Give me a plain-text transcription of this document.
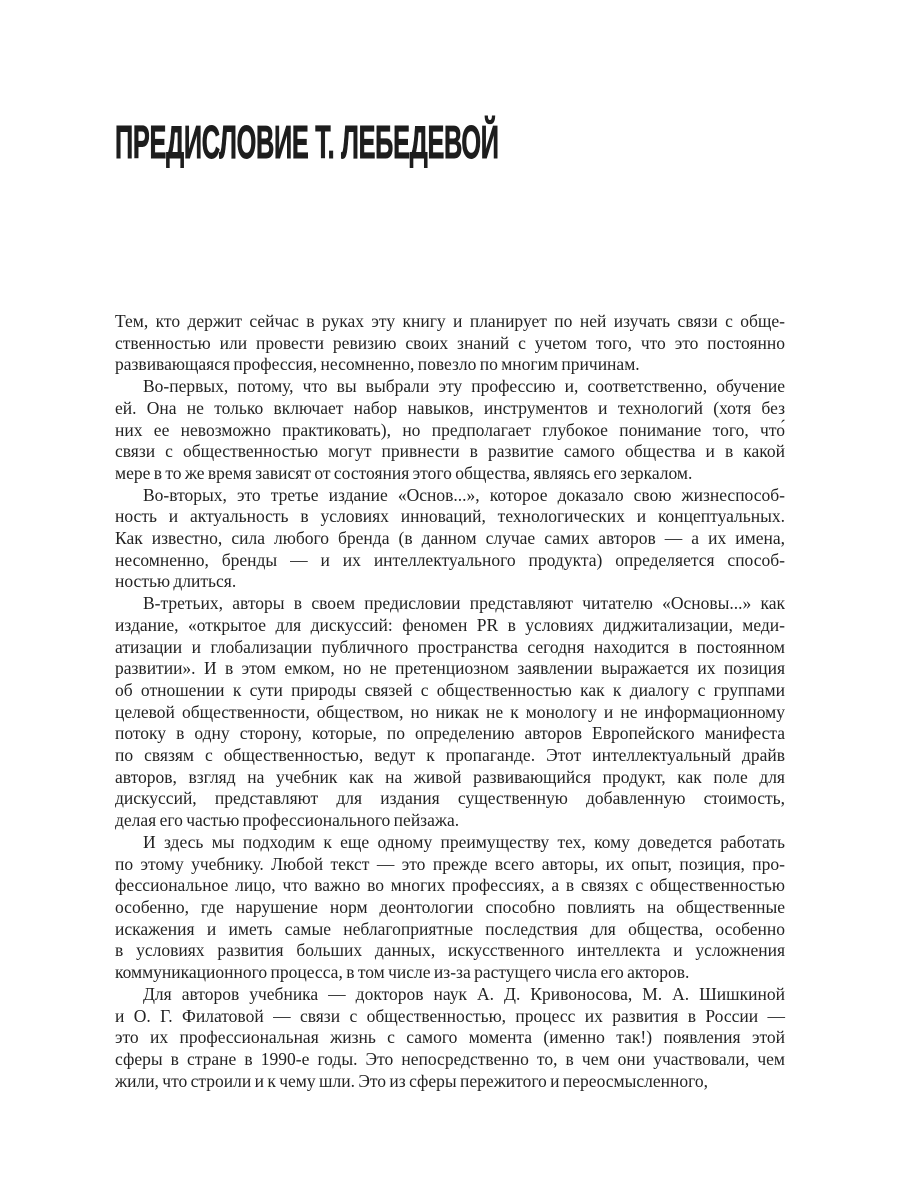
ПРЕДИСЛОВИЕ Т. ЛЕБЕДЕВОЙ
Тем, кто держит сейчас в руках эту книгу и планирует по ней изучать связи с обще-
ственностью или провести ревизию своих знаний с учетом того, что это постоянно
развивающаяся профессия, несомненно, повезло по многим причинам.
Во-первых, потому, что вы выбрали эту профессию и, соответственно, обучение
ей. Она не только включает набор навыков, инструментов и технологий (хотя без
них ее невозможно практиковать), но предполагает глубокое понимание того, что́
связи с общественностью могут привнести в развитие самого общества и в какой
мере в то же время зависят от состояния этого общества, являясь его зеркалом.
Во-вторых, это третье издание «Основ...», которое доказало свою жизнеспособ-
ность и актуальность в условиях инноваций, технологических и концептуальных.
Как известно, сила любого бренда (в данном случае самих авторов — а их имена,
несомненно, бренды — и их интеллектуального продукта) определяется способ-
ностью длиться.
В-третьих, авторы в своем предисловии представляют читателю «Основы...» как
издание, «открытое для дискуссий: феномен PR в условиях диджитализации, меди-
атизации и глобализации публичного пространства сегодня находится в постоянном
развитии». И в этом емком, но не претенциозном заявлении выражается их позиция
об отношении к сути природы связей с общественностью как к диалогу с группами
целевой общественности, обществом, но никак не к монологу и не информационному
потоку в одну сторону, которые, по определению авторов Европейского манифеста
по связям с общественностью, ведут к пропаганде. Этот интеллектуальный драйв
авторов, взгляд на учебник как на живой развивающийся продукт, как поле для
дискуссий, представляют для издания существенную добавленную стоимость,
делая его частью профессионального пейзажа.
И здесь мы подходим к еще одному преимуществу тех, кому доведется работать
по этому учебнику. Любой текст — это прежде всего авторы, их опыт, позиция, про-
фессиональное лицо, что важно во многих профессиях, а в связях с общественностью
особенно, где нарушение норм деонтологии способно повлиять на общественные
искажения и иметь самые неблагоприятные последствия для общества, особенно
в условиях развития больших данных, искусственного интеллекта и усложнения
коммуникационного процесса, в том числе из-за растущего числа его акторов.
Для авторов учебника — докторов наук А. Д. Кривоносова, М. А. Шишкиной
и О. Г. Филатовой — связи с общественностью, процесс их развития в России —
это их профессиональная жизнь с самого момента (именно так!) появления этой
сферы в стране в 1990-е годы. Это непосредственно то, в чем они участвовали, чем
жили, что строили и к чему шли. Это из сферы пережитого и переосмысленного,
